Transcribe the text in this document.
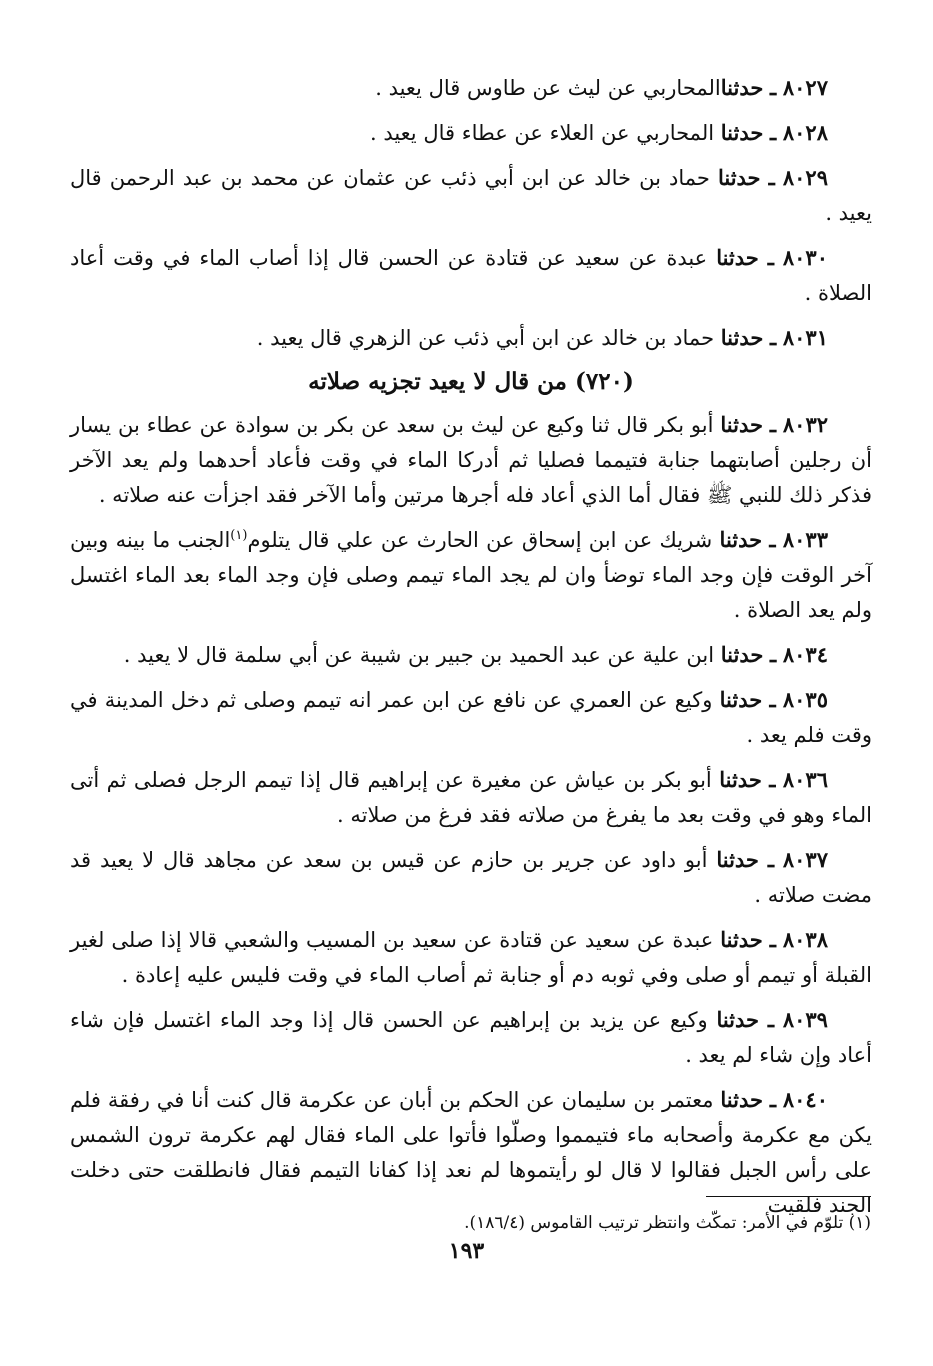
٨٠٢٧ ـ حدثناالمحاربي عن ليث عن طاوس قال يعيد .

٨٠٢٨ ـ حدثنا المحاربي عن العلاء عن عطاء قال يعيد .

٨٠٢٩ ـ حدثنا حماد بن خالد عن ابن أبي ذئب عن عثمان عن محمد بن عبد الرحمن قال يعيد .

٨٠٣٠ ـ حدثنا عبدة عن سعيد عن قتادة عن الحسن قال إذا أصاب الماء في وقت أعاد الصلاة .

٨٠٣١ ـ حدثنا حماد بن خالد عن ابن أبي ذئب عن الزهري قال يعيد .

(٧٢٠) من قال لا يعيد تجزيه صلاته

٨٠٣٢ ـ حدثنا أبو بكر قال ثنا وكيع عن ليث بن سعد عن بكر بن سوادة عن عطاء بن يسار أن رجلين أصابتهما جنابة فتيمما فصليا ثم أدركا الماء في وقت فأعاد أحدهما ولم يعد الآخر فذكر ذلك للنبي ﷺ فقال أما الذي أعاد فله أجرها مرتين وأما الآخر فقد اجزأت عنه صلاته .

٨٠٣٣ ـ حدثنا شريك عن ابن إسحاق عن الحارث عن علي قال يتلوم$^{(١)}$الجنب ما بينه وبين آخر الوقت فإن وجد الماء توضأ وان لم يجد الماء تيمم وصلى فإن وجد الماء بعد الماء اغتسل ولم يعد الصلاة .

٨٠٣٤ ـ حدثنا ابن علية عن عبد الحميد بن جبير بن شيبة عن أبي سلمة قال لا يعيد .

٨٠٣٥ ـ حدثنا وكيع عن العمري عن نافع عن ابن عمر انه تيمم وصلى ثم دخل المدينة في وقت فلم يعد .

٨٠٣٦ ـ حدثنا أبو بكر بن عياش عن مغيرة عن إبراهيم قال إذا تيمم الرجل فصلى ثم أتى الماء وهو في وقت بعد ما يفرغ من صلاته فقد فرغ من صلاته .

٨٠٣٧ ـ حدثنا أبو داود عن جرير بن حازم عن قيس بن سعد عن مجاهد قال لا يعيد قد مضت صلاته .

٨٠٣٨ ـ حدثنا عبدة عن سعيد عن قتادة عن سعيد بن المسيب والشعبي قالا إذا صلى لغير القبلة أو تيمم أو صلى وفي ثوبه دم أو جنابة ثم أصاب الماء في وقت فليس عليه إعادة .

٨٠٣٩ ـ حدثنا وكيع عن يزيد بن إبراهيم عن الحسن قال إذا وجد الماء اغتسل فإن شاء أعاد وإن شاء لم يعد .

٨٠٤٠ ـ حدثنا معتمر بن سليمان عن الحكم بن أبان عن عكرمة قال كنت أنا في رفقة فلم يكن مع عكرمة وأصحابه ماء فتيمموا وصلّوا فأتوا على الماء فقال لهم عكرمة ترون الشمس على رأس الجبل فقالوا لا قال لو رأيتموها لم نعد إذا كفانا التيمم فقال فانطلقت حتى دخلت الجند فلقيت

(١) تلوّم في الأمر: تمكّث وانتظر ترتيب القاموس (١٨٦/٤).
١٩٣
